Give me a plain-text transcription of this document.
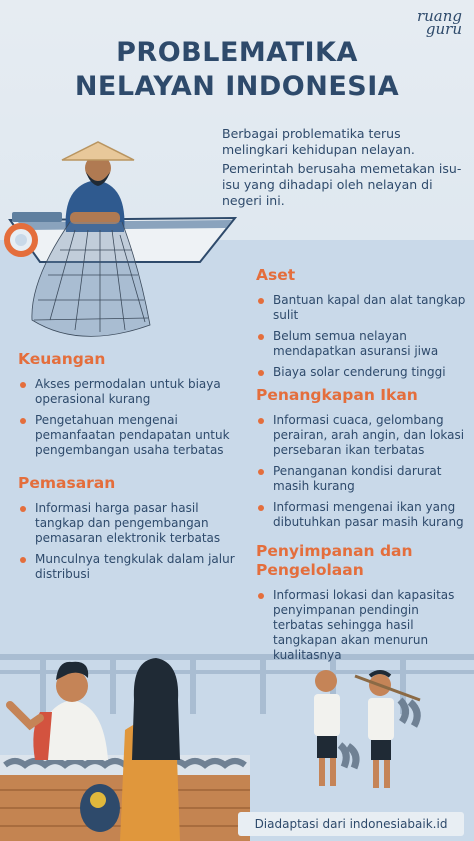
ruang
guru
PROBLEMATIKA
NELAYAN INDONESIA

Berbagai problematika terus melingkari kehidupan nelayan.

Pemerintah berusaha memetakan isu-isu yang dihadapi oleh nelayan di negeri ini.

Aset
Bantuan kapal dan alat tangkap sulit
Belum semua nelayan mendapatkan asuransi jiwa
Biaya solar cenderung tinggi
Keuangan
Akses permodalan untuk biaya operasional kurang
Pengetahuan mengenai pemanfaatan pendapatan untuk pengembangan usaha terbatas
Penangkapan Ikan
Informasi cuaca, gelombang perairan, arah angin, dan lokasi persebaran ikan terbatas
Penanganan kondisi darurat masih kurang
Informasi mengenai ikan yang dibutuhkan pasar masih kurang
Pemasaran
Informasi harga pasar hasil tangkap dan pengembangan pemasaran elektronik terbatas
Munculnya tengkulak dalam jalur distribusi
Penyimpanan dan
Pengelolaan
Informasi lokasi dan kapasitas penyimpanan pendingin terbatas sehingga hasil tangkapan akan menurun kualitasnya
Diadaptasi dari indonesiabaik.id
